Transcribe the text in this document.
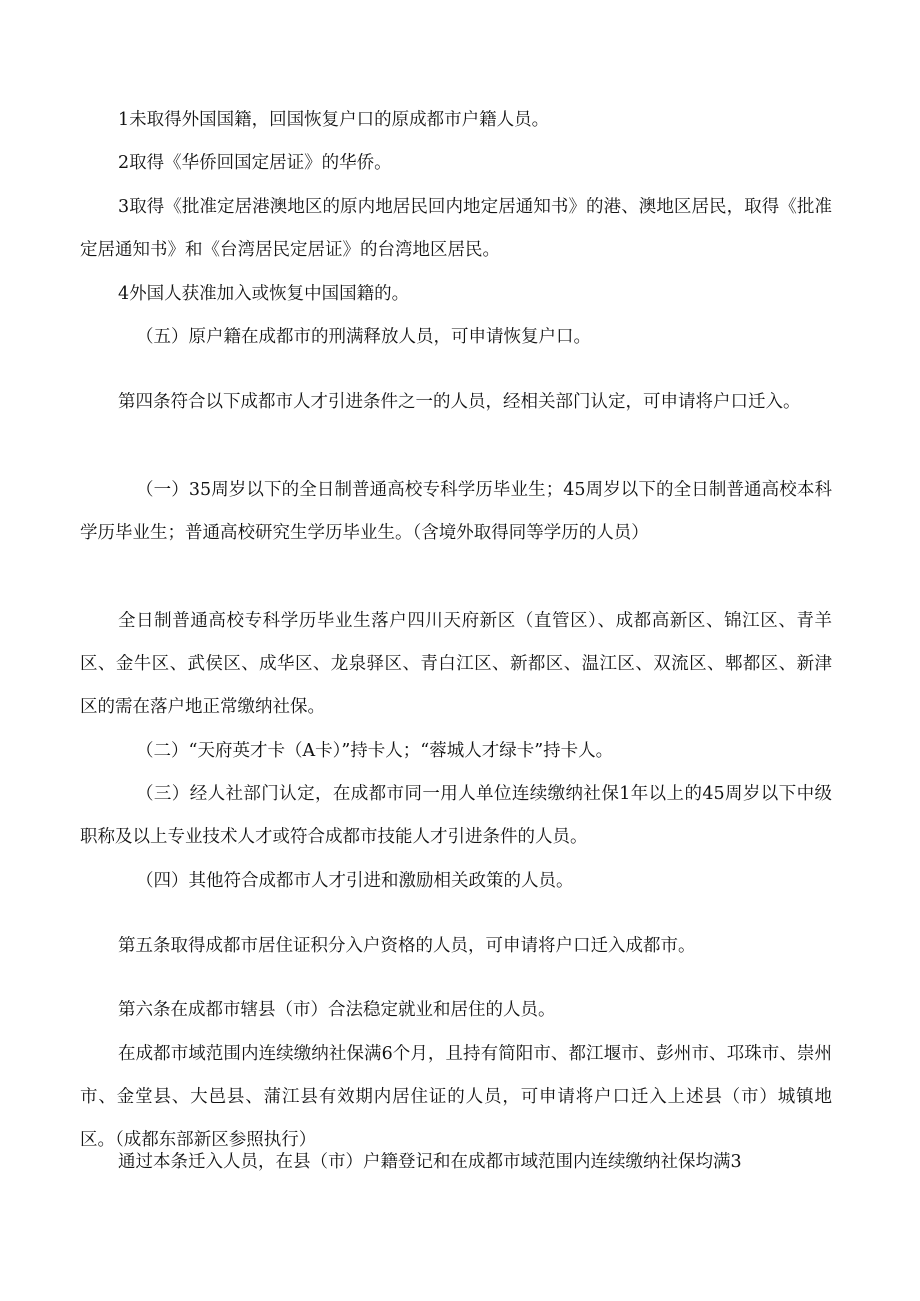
1未取得外国国籍，回国恢复户口的原成都市户籍人员。

2取得《华侨回国定居证》的华侨。

3取得《批准定居港澳地区的原内地居民回内地定居通知书》的港、澳地区居民，取得《批准定居通知书》和《台湾居民定居证》的台湾地区居民。

4外国人获准加入或恢复中国国籍的。

（五）原户籍在成都市的刑满释放人员，可申请恢复户口。

第四条符合以下成都市人才引进条件之一的人员，经相关部门认定，可申请将户口迁入。

（一）35周岁以下的全日制普通高校专科学历毕业生；45周岁以下的全日制普通高校本科学历毕业生；普通高校研究生学历毕业生。（含境外取得同等学历的人员）

全日制普通高校专科学历毕业生落户四川天府新区（直管区）、成都高新区、锦江区、青羊区、金牛区、武侯区、成华区、龙泉驿区、青白江区、新都区、温江区、双流区、郫都区、新津区的需在落户地正常缴纳社保。

（二）“天府英才卡（A卡）”持卡人；“蓉城人才绿卡”持卡人。

（三）经人社部门认定，在成都市同一用人单位连续缴纳社保1年以上的45周岁以下中级职称及以上专业技术人才或符合成都市技能人才引进条件的人员。

（四）其他符合成都市人才引进和激励相关政策的人员。

第五条取得成都市居住证积分入户资格的人员，可申请将户口迁入成都市。

第六条在成都市辖县（市）合法稳定就业和居住的人员。

在成都市域范围内连续缴纳社保满6个月，且持有简阳市、都江堰市、彭州市、邛珠市、崇州市、金堂县、大邑县、蒲江县有效期内居住证的人员，可申请将户口迁入上述县（市）城镇地区。（成都东部新区参照执行）

通过本条迁入人员，在县（市）户籍登记和在成都市域范围内连续缴纳社保均满3
